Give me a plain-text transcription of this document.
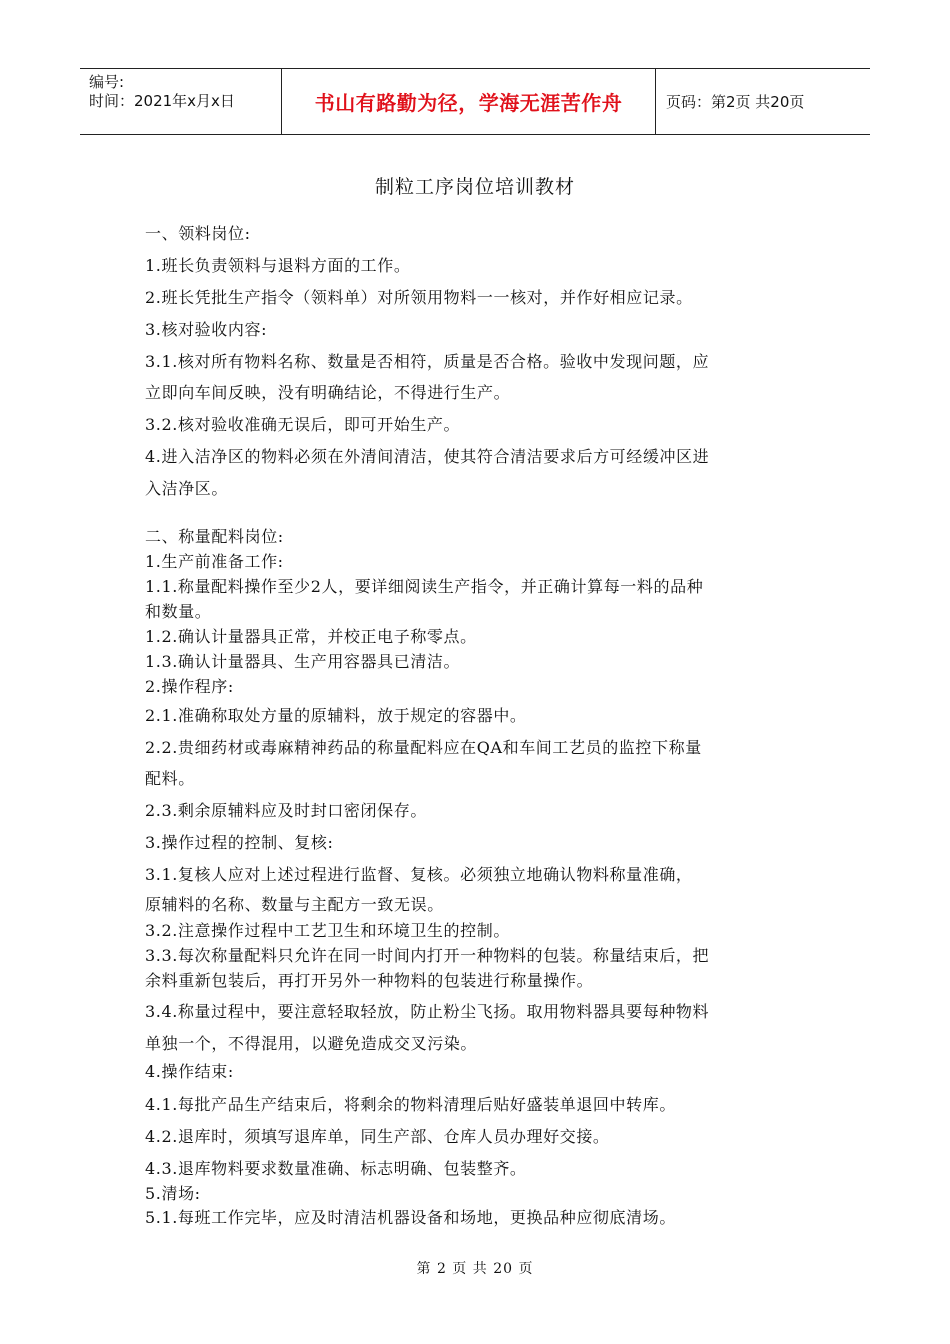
编号:
时间：2021年x月x日	书山有路勤为径，学海无涯苦作舟	页码：第2页 共20页
制粒工序岗位培训教材
一、领料岗位:
1.班长负责领料与退料方面的工作。
2.班长凭批生产指令（领料单）对所领用物料一一核对，并作好相应记录。
3.核对验收内容:
3.1.核对所有物料名称、数量是否相符，质量是否合格。验收中发现问题，应
立即向车间反映，没有明确结论，不得进行生产。
3.2.核对验收准确无误后，即可开始生产。
4.进入洁净区的物料必须在外清间清洁，使其符合清洁要求后方可经缓冲区进
入洁净区。
二、称量配料岗位:
1.生产前准备工作:
1.1.称量配料操作至少2人，要详细阅读生产指令，并正确计算每一料的品种
和数量。
1.2.确认计量器具正常，并校正电子称零点。
1.3.确认计量器具、生产用容器具已清洁。
2.操作程序:
2.1.准确称取处方量的原辅料，放于规定的容器中。
2.2.贵细药材或毒麻精神药品的称量配料应在QA和车间工艺员的监控下称量
配料。
2.3.剩余原辅料应及时封口密闭保存。
3.操作过程的控制、复核:
3.1.复核人应对上述过程进行监督、复核。必须独立地确认物料称量准确，
原辅料的名称、数量与主配方一致无误。
3.2.注意操作过程中工艺卫生和环境卫生的控制。
3.3.每次称量配料只允许在同一时间内打开一种物料的包装。称量结束后，把
余料重新包装后，再打开另外一种物料的包装进行称量操作。
3.4.称量过程中，要注意轻取轻放，防止粉尘飞扬。取用物料器具要每种物料
单独一个，不得混用，以避免造成交叉污染。
4.操作结束:
4.1.每批产品生产结束后，将剩余的物料清理后贴好盛装单退回中转库。
4.2.退库时，须填写退库单，同生产部、仓库人员办理好交接。
4.3.退库物料要求数量准确、标志明确、包装整齐。
5.清场:
5.1.每班工作完毕，应及时清洁机器设备和场地，更换品种应彻底清场。
第 2 页 共 20 页
